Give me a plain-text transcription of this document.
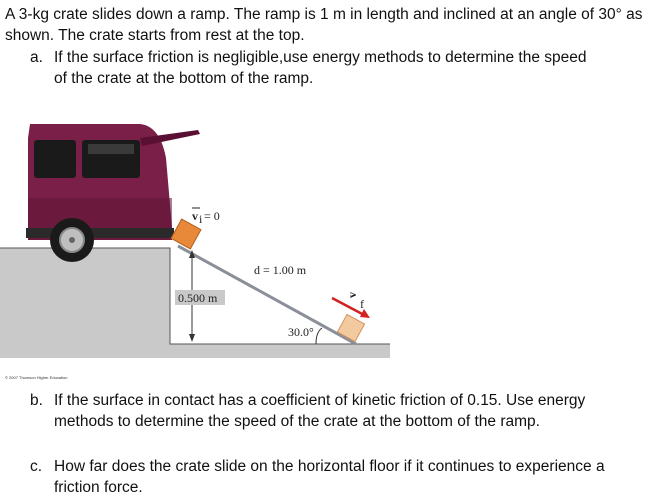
A 3-kg crate slides down a ramp. The ramp is 1 m in length and inclined at an angle of 30° as shown. The crate starts from rest at the top.
a. If the surface friction is negligible,use energy methods to determine the speed of the crate at the bottom of the ramp.
0.500 m
v i = 0
d = 1.00 m
v
f
30.0°
© 2007 Thomson Higher Education
b. If the surface in contact has a coefficient of kinetic friction of 0.15. Use energy methods to determine the speed of the crate at the bottom of the ramp.
c. How far does the crate slide on the horizontal floor if it continues to experience a friction force.
